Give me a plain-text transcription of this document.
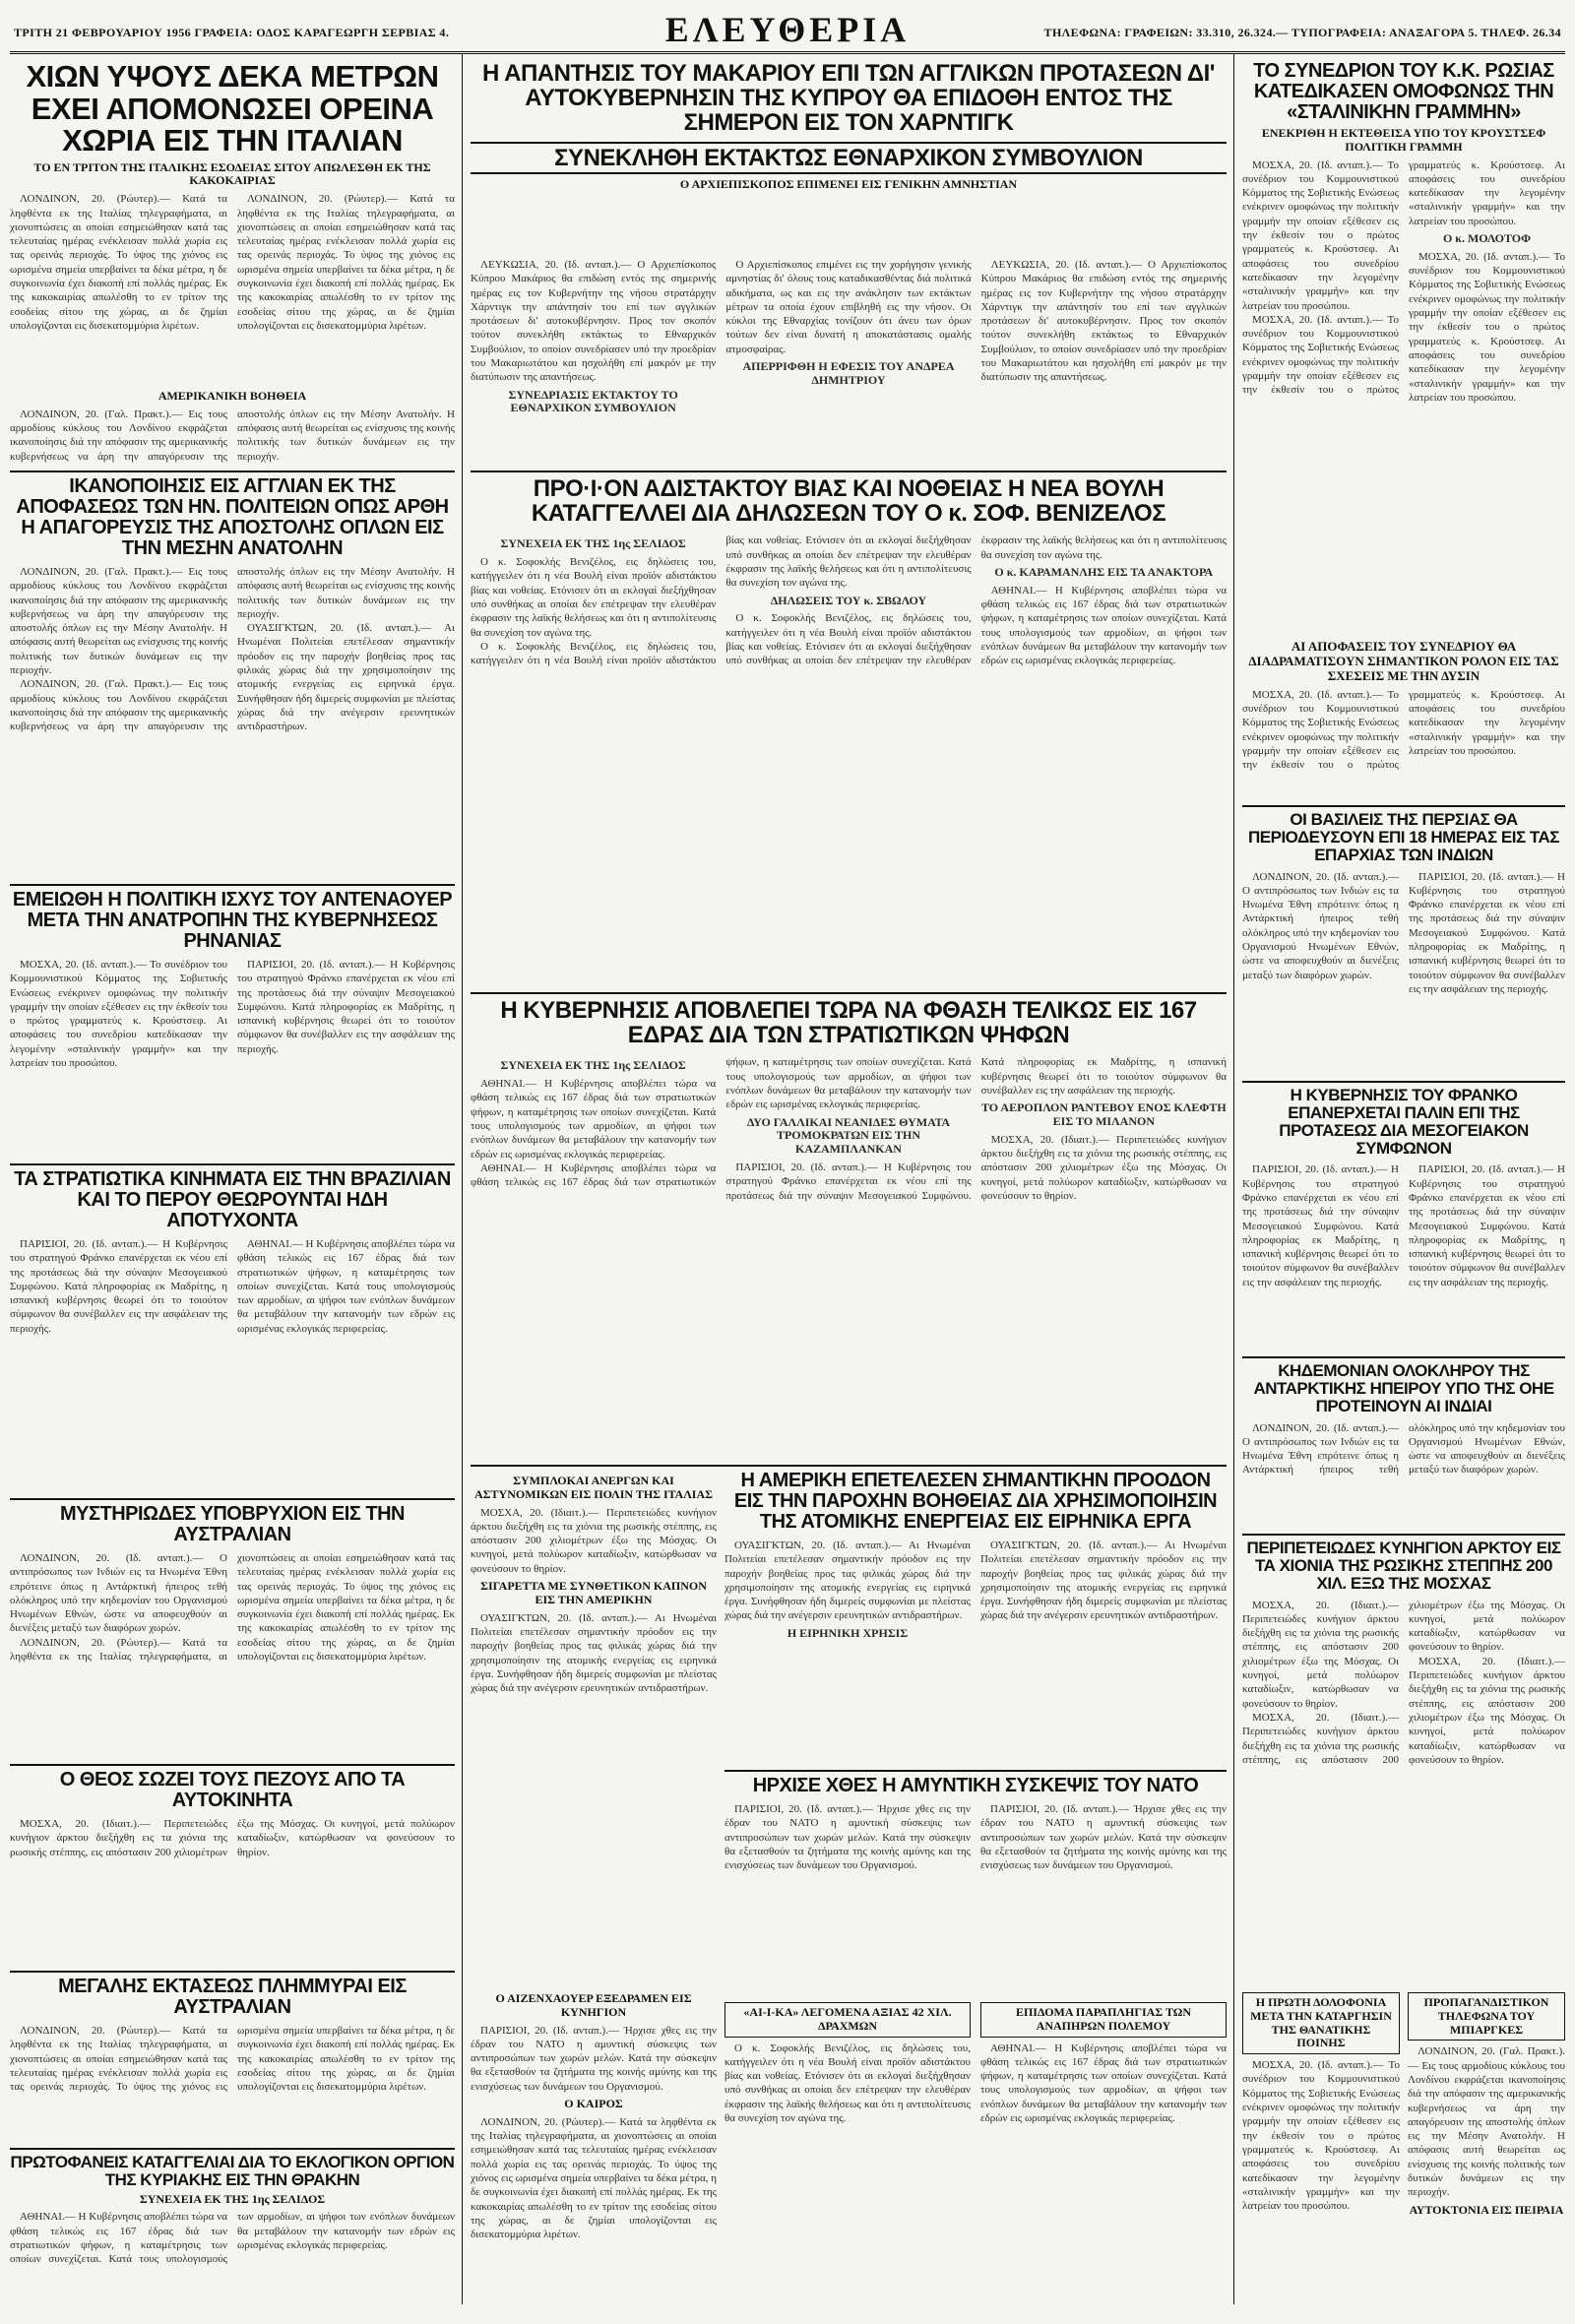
ΤΡΙΤΗ 21 ΦΕΒΡΟΥΑΡΙΟΥ 1956 ΓΡΑΦΕΙΑ: ΟΔΟΣ ΚΑΡΑΓΕΩΡΓΗ ΣΕΡΒΙΑΣ 4.	ΕΛΕΥΘΕΡΙΑ	ΤΗΛΕΦΩΝΑ: ΓΡΑΦΕΙΩΝ: 33.310, 26.324.— ΤΥΠΟΓΡΑΦΕΙΑ: ΑΝΑΞΑΓΟΡΑ 5. ΤΗΛΕΦ. 26.34
ΧΙΩΝ ΥΨΟΥΣ ΔΕΚΑ ΜΕΤΡΩΝ ΕΧΕΙ ΑΠΟΜΟΝΩΣΕΙ ΟΡΕΙΝΑ ΧΩΡΙΑ ΕΙΣ ΤΗΝ ΙΤΑΛΙΑΝ
ΤΟ ΕΝ ΤΡΙΤΟΝ ΤΗΣ ΙΤΑΛΙΚΗΣ ΕΣΟΔΕΙΑΣ ΣΙΤΟΥ ΑΠΩΛΕΣΘΗ ΕΚ ΤΗΣ ΚΑΚΟΚΑΙΡΙΑΣ

ΛΟΝΔΙΝΟΝ, 20. (Ρώυτερ).— Κατά τα ληφθέντα εκ της Ιταλίας τηλεγραφήματα, αι χιονοπτώσεις αι οποίαι εσημειώθησαν κατά τας τελευταίας ημέρας ενέκλεισαν πολλά χωρία εις τας ορεινάς περιοχάς. Το ύψος της χιόνος εις ωρισμένα σημεία υπερβαίνει τα δέκα μέτρα, η δε συγκοινωνία έχει διακοπή επί πολλάς ημέρας. Εκ της κακοκαιρίας απωλέσθη το εν τρίτον της εσοδείας σίτου της χώρας, αι δε ζημίαι υπολογίζονται εις δισεκατομμύρια λιρέτων.

ΛΟΝΔΙΝΟΝ, 20. (Ρώυτερ).— Κατά τα ληφθέντα εκ της Ιταλίας τηλεγραφήματα, αι χιονοπτώσεις αι οποίαι εσημειώθησαν κατά τας τελευταίας ημέρας ενέκλεισαν πολλά χωρία εις τας ορεινάς περιοχάς. Το ύψος της χιόνος εις ωρισμένα σημεία υπερβαίνει τα δέκα μέτρα, η δε συγκοινωνία έχει διακοπή επί πολλάς ημέρας. Εκ της κακοκαιρίας απωλέσθη το εν τρίτον της εσοδείας σίτου της χώρας, αι δε ζημίαι υπολογίζονται εις δισεκατομμύρια λιρέτων.

ΑΜΕΡΙΚΑΝΙΚΗ ΒΟΗΘΕΙΑ

ΛΟΝΔΙΝΟΝ, 20. (Γαλ. Πρακτ.).— Εις τους αρμοδίους κύκλους του Λονδίνου εκφράζεται ικανοποίησις διά την απόφασιν της αμερικανικής κυβερνήσεως να άρη την απαγόρευσιν της αποστολής όπλων εις την Μέσην Ανατολήν. Η απόφασις αυτή θεωρείται ως ενίσχυσις της κοινής πολιτικής των δυτικών δυνάμεων εις την περιοχήν.

ΙΚΑΝΟΠΟΙΗΣΙΣ ΕΙΣ ΑΓΓΛΙΑΝ ΕΚ ΤΗΣ ΑΠΟΦΑΣΕΩΣ ΤΩΝ ΗΝ. ΠΟΛΙΤΕΙΩΝ ΟΠΩΣ ΑΡΘΗ Η ΑΠΑΓΟΡΕΥΣΙΣ ΤΗΣ ΑΠΟΣΤΟΛΗΣ ΟΠΛΩΝ ΕΙΣ ΤΗΝ ΜΕΣΗΝ ΑΝΑΤΟΛΗΝ

ΛΟΝΔΙΝΟΝ, 20. (Γαλ. Πρακτ.).— Εις τους αρμοδίους κύκλους του Λονδίνου εκφράζεται ικανοποίησις διά την απόφασιν της αμερικανικής κυβερνήσεως να άρη την απαγόρευσιν της αποστολής όπλων εις την Μέσην Ανατολήν. Η απόφασις αυτή θεωρείται ως ενίσχυσις της κοινής πολιτικής των δυτικών δυνάμεων εις την περιοχήν.

ΛΟΝΔΙΝΟΝ, 20. (Γαλ. Πρακτ.).— Εις τους αρμοδίους κύκλους του Λονδίνου εκφράζεται ικανοποίησις διά την απόφασιν της αμερικανικής κυβερνήσεως να άρη την απαγόρευσιν της αποστολής όπλων εις την Μέσην Ανατολήν. Η απόφασις αυτή θεωρείται ως ενίσχυσις της κοινής πολιτικής των δυτικών δυνάμεων εις την περιοχήν.

ΟΥΑΣΙΓΚΤΩΝ, 20. (Ιδ. ανταπ.).— Αι Ηνωμέναι Πολιτείαι επετέλεσαν σημαντικήν πρόοδον εις την παροχήν βοηθείας προς τας φιλικάς χώρας διά την χρησιμοποίησιν της ατομικής ενεργείας εις ειρηνικά έργα. Συνήφθησαν ήδη διμερείς συμφωνίαι με πλείστας χώρας διά την ανέγερσιν ερευνητικών αντιδραστήρων.

ΕΜΕΙΩΘΗ Η ΠΟΛΙΤΙΚΗ ΙΣΧΥΣ ΤΟΥ ΑΝΤΕΝΑΟΥΕΡ ΜΕΤΑ ΤΗΝ ΑΝΑΤΡΟΠΗΝ ΤΗΣ ΚΥΒΕΡΝΗΣΕΩΣ ΡΗΝΑΝΙΑΣ

ΜΟΣΧΑ, 20. (Ιδ. ανταπ.).— Το συνέδριον του Κομμουνιστικού Κόμματος της Σοβιετικής Ενώσεως ενέκρινεν ομοφώνως την πολιτικήν γραμμήν την οποίαν εξέθεσεν εις την έκθεσίν του ο πρώτος γραμματεύς κ. Κρούστσεφ. Αι αποφάσεις του συνεδρίου κατεδίκασαν την λεγομένην «σταλινικήν γραμμήν» και την λατρείαν του προσώπου.

ΠΑΡΙΣΙΟΙ, 20. (Ιδ. ανταπ.).— Η Κυβέρνησις του στρατηγού Φράνκο επανέρχεται εκ νέου επί της προτάσεως διά την σύναψιν Μεσογειακού Συμφώνου. Κατά πληροφορίας εκ Μαδρίτης, η ισπανική κυβέρνησις θεωρεί ότι το τοιούτον σύμφωνον θα συνέβαλλεν εις την ασφάλειαν της περιοχής.

ΤΑ ΣΤΡΑΤΙΩΤΙΚΑ ΚΙΝΗΜΑΤΑ ΕΙΣ ΤΗΝ ΒΡΑΖΙΛΙΑΝ ΚΑΙ ΤΟ ΠΕΡΟΥ ΘΕΩΡΟΥΝΤΑΙ ΗΔΗ ΑΠΟΤΥΧΟΝΤΑ

ΠΑΡΙΣΙΟΙ, 20. (Ιδ. ανταπ.).— Η Κυβέρνησις του στρατηγού Φράνκο επανέρχεται εκ νέου επί της προτάσεως διά την σύναψιν Μεσογειακού Συμφώνου. Κατά πληροφορίας εκ Μαδρίτης, η ισπανική κυβέρνησις θεωρεί ότι το τοιούτον σύμφωνον θα συνέβαλλεν εις την ασφάλειαν της περιοχής.

ΑΘΗΝΑΙ.— Η Κυβέρνησις αποβλέπει τώρα να φθάση τελικώς εις 167 έδρας διά των στρατιωτικών ψήφων, η καταμέτρησις των οποίων συνεχίζεται. Κατά τους υπολογισμούς των αρμοδίων, αι ψήφοι των ενόπλων δυνάμεων θα μεταβάλουν την κατανομήν των εδρών εις ωρισμένας εκλογικάς περιφερείας.

ΜΥΣΤΗΡΙΩΔΕΣ ΥΠΟΒΡΥΧΙΟΝ ΕΙΣ ΤΗΝ ΑΥΣΤΡΑΛΙΑΝ

ΛΟΝΔΙΝΟΝ, 20. (Ιδ. ανταπ.).— Ο αντιπρόσωπος των Ινδιών εις τα Ηνωμένα Έθνη επρότεινε όπως η Αντάρκτική ήπειρος τεθή ολόκληρος υπό την κηδεμονίαν του Οργανισμού Ηνωμένων Εθνών, ώστε να αποφευχθούν αι διενέξεις μεταξύ των διαφόρων χωρών.

ΛΟΝΔΙΝΟΝ, 20. (Ρώυτερ).— Κατά τα ληφθέντα εκ της Ιταλίας τηλεγραφήματα, αι χιονοπτώσεις αι οποίαι εσημειώθησαν κατά τας τελευταίας ημέρας ενέκλεισαν πολλά χωρία εις τας ορεινάς περιοχάς. Το ύψος της χιόνος εις ωρισμένα σημεία υπερβαίνει τα δέκα μέτρα, η δε συγκοινωνία έχει διακοπή επί πολλάς ημέρας. Εκ της κακοκαιρίας απωλέσθη το εν τρίτον της εσοδείας σίτου της χώρας, αι δε ζημίαι υπολογίζονται εις δισεκατομμύρια λιρέτων.

Ο ΘΕΟΣ ΣΩΖΕΙ ΤΟΥΣ ΠΕΖΟΥΣ ΑΠΟ ΤΑ ΑΥΤΟΚΙΝΗΤΑ

ΜΟΣΧΑ, 20. (Ιδιαιτ.).— Περιπετειώδες κυνήγιον άρκτου διεξήχθη εις τα χιόνια της ρωσικής στέππης, εις απόστασιν 200 χιλιομέτρων έξω της Μόσχας. Οι κυνηγοί, μετά πολύωρον καταδίωξιν, κατώρθωσαν να φονεύσουν το θηρίον.

ΜΕΓΑΛΗΣ ΕΚΤΑΣΕΩΣ ΠΛΗΜΜΥΡΑΙ ΕΙΣ ΑΥΣΤΡΑΛΙΑΝ

ΛΟΝΔΙΝΟΝ, 20. (Ρώυτερ).— Κατά τα ληφθέντα εκ της Ιταλίας τηλεγραφήματα, αι χιονοπτώσεις αι οποίαι εσημειώθησαν κατά τας τελευταίας ημέρας ενέκλεισαν πολλά χωρία εις τας ορεινάς περιοχάς. Το ύψος της χιόνος εις ωρισμένα σημεία υπερβαίνει τα δέκα μέτρα, η δε συγκοινωνία έχει διακοπή επί πολλάς ημέρας. Εκ της κακοκαιρίας απωλέσθη το εν τρίτον της εσοδείας σίτου της χώρας, αι δε ζημίαι υπολογίζονται εις δισεκατομμύρια λιρέτων.

ΠΡΩΤΟΦΑΝΕΙΣ ΚΑΤΑΓΓΕΛΙΑΙ ΔΙΑ ΤΟ ΕΚΛΟΓΙΚΟΝ ΟΡΓΙΟΝ ΤΗΣ ΚΥΡΙΑΚΗΣ ΕΙΣ ΤΗΝ ΘΡΑΚΗΝ
ΣΥΝΕΧΕΙΑ ΕΚ ΤΗΣ 1ης ΣΕΛΙΔΟΣ

ΑΘΗΝΑΙ.— Η Κυβέρνησις αποβλέπει τώρα να φθάση τελικώς εις 167 έδρας διά των στρατιωτικών ψήφων, η καταμέτρησις των οποίων συνεχίζεται. Κατά τους υπολογισμούς των αρμοδίων, αι ψήφοι των ενόπλων δυνάμεων θα μεταβάλουν την κατανομήν των εδρών εις ωρισμένας εκλογικάς περιφερείας.

Η ΑΠΑΝΤΗΣΙΣ ΤΟΥ ΜΑΚΑΡΙΟΥ ΕΠΙ ΤΩΝ ΑΓΓΛΙΚΩΝ ΠΡΟΤΑΣΕΩΝ ΔΙ' ΑΥΤΟΚΥΒΕΡΝΗΣΙΝ ΤΗΣ ΚΥΠΡΟΥ ΘΑ ΕΠΙΔΟΘΗ ΕΝΤΟΣ ΤΗΣ ΣΗΜΕΡΟΝ ΕΙΣ ΤΟΝ ΧΑΡΝΤΙΓΚ
ΣΥΝΕΚΛΗΘΗ ΕΚΤΑΚΤΩΣ ΕΘΝΑΡΧΙΚΟΝ ΣΥΜΒΟΥΛΙΟΝ
Ο ΑΡΧΙΕΠΙΣΚΟΠΟΣ ΕΠΙΜΕΝΕΙ ΕΙΣ ΓΕΝΙΚΗΝ ΑΜΝΗΣΤΙΑΝ

ΛΕΥΚΩΣΙΑ, 20. (Ιδ. ανταπ.).— Ο Αρχιεπίσκοπος Κύπρου Μακάριος θα επιδώση εντός της σημερινής ημέρας εις τον Κυβερνήτην της νήσου στρατάρχην Χάρντιγκ την απάντησίν του επί των αγγλικών προτάσεων δι' αυτοκυβέρνησιν. Προς τον σκοπόν τούτον συνεκλήθη εκτάκτως το Εθναρχικόν Συμβούλιον, το οποίον συνεδρίασεν υπό την προεδρίαν του Μακαριωτάτου και ησχολήθη επί μακρόν με την διατύπωσιν της απαντήσεως.

ΣΥΝΕΔΡΙΑΣΙΣ ΕΚΤΑΚΤΟΥ ΤΟ ΕΘΝΑΡΧΙΚΟΝ ΣΥΜΒΟΥΛΙΟΝ

Ο Αρχιεπίσκοπος επιμένει εις την χορήγησιν γενικής αμνηστίας δι' όλους τους καταδικασθέντας διά πολιτικά αδικήματα, ως και εις την ανάκλησιν των εκτάκτων μέτρων τα οποία έχουν επιβληθή εις την νήσον. Οι κύκλοι της Εθναρχίας τονίζουν ότι άνευ των όρων τούτων δεν είναι δυνατή η αποκατάστασις ομαλής ατμοσφαίρας.

ΑΠΕΡΡΙΦΘΗ Η ΕΦΕΣΙΣ ΤΟΥ ΑΝΔΡΕΑ ΔΗΜΗΤΡΙΟΥ

ΛΕΥΚΩΣΙΑ, 20. (Ιδ. ανταπ.).— Ο Αρχιεπίσκοπος Κύπρου Μακάριος θα επιδώση εντός της σημερινής ημέρας εις τον Κυβερνήτην της νήσου στρατάρχην Χάρντιγκ την απάντησίν του επί των αγγλικών προτάσεων δι' αυτοκυβέρνησιν. Προς τον σκοπόν τούτον συνεκλήθη εκτάκτως το Εθναρχικόν Συμβούλιον, το οποίον συνεδρίασεν υπό την προεδρίαν του Μακαριωτάτου και ησχολήθη επί μακρόν με την διατύπωσιν της απαντήσεως.

ΠΡΟ·Ι·ΟΝ ΑΔΙΣΤΑΚΤΟΥ ΒΙΑΣ ΚΑΙ ΝΟΘΕΙΑΣ Η ΝΕΑ ΒΟΥΛΗ ΚΑΤΑΓΓΕΛΛΕΙ ΔΙΑ ΔΗΛΩΣΕΩΝ ΤΟΥ Ο κ. ΣΟΦ. ΒΕΝΙΖΕΛΟΣ
ΣΥΝΕΧΕΙΑ ΕΚ ΤΗΣ 1ης ΣΕΛΙΔΟΣ

Ο κ. Σοφοκλής Βενιζέλος, εις δηλώσεις του, κατήγγειλεν ότι η νέα Βουλή είναι προϊόν αδιστάκτου βίας και νοθείας. Ετόνισεν ότι αι εκλογαί διεξήχθησαν υπό συνθήκας αι οποίαι δεν επέτρεψαν την ελευθέραν έκφρασιν της λαϊκής θελήσεως και ότι η αντιπολίτευσις θα συνεχίση τον αγώνα της.

Ο κ. Σοφοκλής Βενιζέλος, εις δηλώσεις του, κατήγγειλεν ότι η νέα Βουλή είναι προϊόν αδιστάκτου βίας και νοθείας. Ετόνισεν ότι αι εκλογαί διεξήχθησαν υπό συνθήκας αι οποίαι δεν επέτρεψαν την ελευθέραν έκφρασιν της λαϊκής θελήσεως και ότι η αντιπολίτευσις θα συνεχίση τον αγώνα της.

ΔΗΛΩΣΕΙΣ ΤΟΥ κ. ΣΒΩΛΟΥ

Ο κ. Σοφοκλής Βενιζέλος, εις δηλώσεις του, κατήγγειλεν ότι η νέα Βουλή είναι προϊόν αδιστάκτου βίας και νοθείας. Ετόνισεν ότι αι εκλογαί διεξήχθησαν υπό συνθήκας αι οποίαι δεν επέτρεψαν την ελευθέραν έκφρασιν της λαϊκής θελήσεως και ότι η αντιπολίτευσις θα συνεχίση τον αγώνα της.

Ο κ. ΚΑΡΑΜΑΝΛΗΣ ΕΙΣ ΤΑ ΑΝΑΚΤΟΡΑ

ΑΘΗΝΑΙ.— Η Κυβέρνησις αποβλέπει τώρα να φθάση τελικώς εις 167 έδρας διά των στρατιωτικών ψήφων, η καταμέτρησις των οποίων συνεχίζεται. Κατά τους υπολογισμούς των αρμοδίων, αι ψήφοι των ενόπλων δυνάμεων θα μεταβάλουν την κατανομήν των εδρών εις ωρισμένας εκλογικάς περιφερείας.

Η ΚΥΒΕΡΝΗΣΙΣ ΑΠΟΒΛΕΠΕΙ ΤΩΡΑ ΝΑ ΦΘΑΣΗ ΤΕΛΙΚΩΣ ΕΙΣ 167 ΕΔΡΑΣ ΔΙΑ ΤΩΝ ΣΤΡΑΤΙΩΤΙΚΩΝ ΨΗΦΩΝ
ΣΥΝΕΧΕΙΑ ΕΚ ΤΗΣ 1ης ΣΕΛΙΔΟΣ

ΑΘΗΝΑΙ.— Η Κυβέρνησις αποβλέπει τώρα να φθάση τελικώς εις 167 έδρας διά των στρατιωτικών ψήφων, η καταμέτρησις των οποίων συνεχίζεται. Κατά τους υπολογισμούς των αρμοδίων, αι ψήφοι των ενόπλων δυνάμεων θα μεταβάλουν την κατανομήν των εδρών εις ωρισμένας εκλογικάς περιφερείας.

ΑΘΗΝΑΙ.— Η Κυβέρνησις αποβλέπει τώρα να φθάση τελικώς εις 167 έδρας διά των στρατιωτικών ψήφων, η καταμέτρησις των οποίων συνεχίζεται. Κατά τους υπολογισμούς των αρμοδίων, αι ψήφοι των ενόπλων δυνάμεων θα μεταβάλουν την κατανομήν των εδρών εις ωρισμένας εκλογικάς περιφερείας.

ΔΥΟ ΓΑΛΛΙΚΑΙ ΝΕΑΝΙΔΕΣ ΘΥΜΑΤΑ ΤΡΟΜΟΚΡΑΤΩΝ ΕΙΣ ΤΗΝ ΚΑΖΑΜΠΛΑΝΚΑΝ

ΠΑΡΙΣΙΟΙ, 20. (Ιδ. ανταπ.).— Η Κυβέρνησις του στρατηγού Φράνκο επανέρχεται εκ νέου επί της προτάσεως διά την σύναψιν Μεσογειακού Συμφώνου. Κατά πληροφορίας εκ Μαδρίτης, η ισπανική κυβέρνησις θεωρεί ότι το τοιούτον σύμφωνον θα συνέβαλλεν εις την ασφάλειαν της περιοχής.

ΤΟ ΑΕΡΟΠΛΟΝ ΡΑΝΤΕΒΟΥ ΕΝΟΣ ΚΛΕΦΤΗ ΕΙΣ ΤΟ ΜΙΛΑΝΟΝ

ΜΟΣΧΑ, 20. (Ιδιαιτ.).— Περιπετειώδες κυνήγιον άρκτου διεξήχθη εις τα χιόνια της ρωσικής στέππης, εις απόστασιν 200 χιλιομέτρων έξω της Μόσχας. Οι κυνηγοί, μετά πολύωρον καταδίωξιν, κατώρθωσαν να φονεύσουν το θηρίον.

ΣΥΜΠΛΟΚΑΙ ΑΝΕΡΓΩΝ ΚΑΙ ΑΣΤΥΝΟΜΙΚΩΝ ΕΙΣ ΠΟΛΙΝ ΤΗΣ ΙΤΑΛΙΑΣ

ΜΟΣΧΑ, 20. (Ιδιαιτ.).— Περιπετειώδες κυνήγιον άρκτου διεξήχθη εις τα χιόνια της ρωσικής στέππης, εις απόστασιν 200 χιλιομέτρων έξω της Μόσχας. Οι κυνηγοί, μετά πολύωρον καταδίωξιν, κατώρθωσαν να φονεύσουν το θηρίον.

ΣΙΓΑΡΕΤΤΑ ΜΕ ΣΥΝΘΕΤΙΚΟΝ ΚΑΠΝΟΝ ΕΙΣ ΤΗΝ ΑΜΕΡΙΚΗΝ

ΟΥΑΣΙΓΚΤΩΝ, 20. (Ιδ. ανταπ.).— Αι Ηνωμέναι Πολιτείαι επετέλεσαν σημαντικήν πρόοδον εις την παροχήν βοηθείας προς τας φιλικάς χώρας διά την χρησιμοποίησιν της ατομικής ενεργείας εις ειρηνικά έργα. Συνήφθησαν ήδη διμερείς συμφωνίαι με πλείστας χώρας διά την ανέγερσιν ερευνητικών αντιδραστήρων.

Η ΑΜΕΡΙΚΗ ΕΠΕΤΕΛΕΣΕΝ ΣΗΜΑΝΤΙΚΗΝ ΠΡΟΟΔΟΝ ΕΙΣ ΤΗΝ ΠΑΡΟΧΗΝ ΒΟΗΘΕΙΑΣ ΔΙΑ ΧΡΗΣΙΜΟΠΟΙΗΣΙΝ ΤΗΣ ΑΤΟΜΙΚΗΣ ΕΝΕΡΓΕΙΑΣ ΕΙΣ ΕΙΡΗΝΙΚΑ ΕΡΓΑ

ΟΥΑΣΙΓΚΤΩΝ, 20. (Ιδ. ανταπ.).— Αι Ηνωμέναι Πολιτείαι επετέλεσαν σημαντικήν πρόοδον εις την παροχήν βοηθείας προς τας φιλικάς χώρας διά την χρησιμοποίησιν της ατομικής ενεργείας εις ειρηνικά έργα. Συνήφθησαν ήδη διμερείς συμφωνίαι με πλείστας χώρας διά την ανέγερσιν ερευνητικών αντιδραστήρων.

Η ΕΙΡΗΝΙΚΗ ΧΡΗΣΙΣ

ΟΥΑΣΙΓΚΤΩΝ, 20. (Ιδ. ανταπ.).— Αι Ηνωμέναι Πολιτείαι επετέλεσαν σημαντικήν πρόοδον εις την παροχήν βοηθείας προς τας φιλικάς χώρας διά την χρησιμοποίησιν της ατομικής ενεργείας εις ειρηνικά έργα. Συνήφθησαν ήδη διμερείς συμφωνίαι με πλείστας χώρας διά την ανέγερσιν ερευνητικών αντιδραστήρων.

ΗΡΧΙΣΕ ΧΘΕΣ Η ΑΜΥΝΤΙΚΗ ΣΥΣΚΕΨΙΣ ΤΟΥ ΝΑΤΟ

ΠΑΡΙΣΙΟΙ, 20. (Ιδ. ανταπ.).— Ήρχισε χθες εις την έδραν του ΝΑΤΟ η αμυντική σύσκεψις των αντιπροσώπων των χωρών μελών. Κατά την σύσκεψιν θα εξετασθούν τα ζητήματα της κοινής αμύνης και της ενισχύσεως των δυνάμεων του Οργανισμού.

ΠΑΡΙΣΙΟΙ, 20. (Ιδ. ανταπ.).— Ήρχισε χθες εις την έδραν του ΝΑΤΟ η αμυντική σύσκεψις των αντιπροσώπων των χωρών μελών. Κατά την σύσκεψιν θα εξετασθούν τα ζητήματα της κοινής αμύνης και της ενισχύσεως των δυνάμεων του Οργανισμού.

Ο ΑΙΖΕΝΧΑΟΥΕΡ ΕΞΕΔΡΑΜΕΝ ΕΙΣ ΚΥΝΗΓΙΟΝ

ΠΑΡΙΣΙΟΙ, 20. (Ιδ. ανταπ.).— Ήρχισε χθες εις την έδραν του ΝΑΤΟ η αμυντική σύσκεψις των αντιπροσώπων των χωρών μελών. Κατά την σύσκεψιν θα εξετασθούν τα ζητήματα της κοινής αμύνης και της ενισχύσεως των δυνάμεων του Οργανισμού.

Ο ΚΑΙΡΟΣ

ΛΟΝΔΙΝΟΝ, 20. (Ρώυτερ).— Κατά τα ληφθέντα εκ της Ιταλίας τηλεγραφήματα, αι χιονοπτώσεις αι οποίαι εσημειώθησαν κατά τας τελευταίας ημέρας ενέκλεισαν πολλά χωρία εις τας ορεινάς περιοχάς. Το ύψος της χιόνος εις ωρισμένα σημεία υπερβαίνει τα δέκα μέτρα, η δε συγκοινωνία έχει διακοπή επί πολλάς ημέρας. Εκ της κακοκαιρίας απωλέσθη το εν τρίτον της εσοδείας σίτου της χώρας, αι δε ζημίαι υπολογίζονται εις δισεκατομμύρια λιρέτων.

«ΑΙ-Ι-ΚΑ» ΛΕΓΟΜΕΝΑ ΑΞΙΑΣ 42 ΧΙΛ. ΔΡΑΧΜΩΝ

Ο κ. Σοφοκλής Βενιζέλος, εις δηλώσεις του, κατήγγειλεν ότι η νέα Βουλή είναι προϊόν αδιστάκτου βίας και νοθείας. Ετόνισεν ότι αι εκλογαί διεξήχθησαν υπό συνθήκας αι οποίαι δεν επέτρεψαν την ελευθέραν έκφρασιν της λαϊκής θελήσεως και ότι η αντιπολίτευσις θα συνεχίση τον αγώνα της.

ΕΠΙΔΟΜΑ ΠΑΡΑΠΛΗΓΙΑΣ ΤΩΝ ΑΝΑΠΗΡΩΝ ΠΟΛΕΜΟΥ

ΑΘΗΝΑΙ.— Η Κυβέρνησις αποβλέπει τώρα να φθάση τελικώς εις 167 έδρας διά των στρατιωτικών ψήφων, η καταμέτρησις των οποίων συνεχίζεται. Κατά τους υπολογισμούς των αρμοδίων, αι ψήφοι των ενόπλων δυνάμεων θα μεταβάλουν την κατανομήν των εδρών εις ωρισμένας εκλογικάς περιφερείας.

ΤΟ ΣΥΝΕΔΡΙΟΝ ΤΟΥ Κ.Κ. ΡΩΣΙΑΣ ΚΑΤΕΔΙΚΑΣΕΝ ΟΜΟΦΩΝΩΣ ΤΗΝ «ΣΤΑΛΙΝΙΚΗΝ ΓΡΑΜΜΗΝ»
ΕΝΕΚΡΙΘΗ Η ΕΚΤΕΘΕΙΣΑ ΥΠΟ ΤΟΥ ΚΡΟΥΣΤΣΕΦ ΠΟΛΙΤΙΚΗ ΓΡΑΜΜΗ

ΜΟΣΧΑ, 20. (Ιδ. ανταπ.).— Το συνέδριον του Κομμουνιστικού Κόμματος της Σοβιετικής Ενώσεως ενέκρινεν ομοφώνως την πολιτικήν γραμμήν την οποίαν εξέθεσεν εις την έκθεσίν του ο πρώτος γραμματεύς κ. Κρούστσεφ. Αι αποφάσεις του συνεδρίου κατεδίκασαν την λεγομένην «σταλινικήν γραμμήν» και την λατρείαν του προσώπου.

ΜΟΣΧΑ, 20. (Ιδ. ανταπ.).— Το συνέδριον του Κομμουνιστικού Κόμματος της Σοβιετικής Ενώσεως ενέκρινεν ομοφώνως την πολιτικήν γραμμήν την οποίαν εξέθεσεν εις την έκθεσίν του ο πρώτος γραμματεύς κ. Κρούστσεφ. Αι αποφάσεις του συνεδρίου κατεδίκασαν την λεγομένην «σταλινικήν γραμμήν» και την λατρείαν του προσώπου.

Ο κ. ΜΟΛΟΤΟΦ

ΜΟΣΧΑ, 20. (Ιδ. ανταπ.).— Το συνέδριον του Κομμουνιστικού Κόμματος της Σοβιετικής Ενώσεως ενέκρινεν ομοφώνως την πολιτικήν γραμμήν την οποίαν εξέθεσεν εις την έκθεσίν του ο πρώτος γραμματεύς κ. Κρούστσεφ. Αι αποφάσεις του συνεδρίου κατεδίκασαν την λεγομένην «σταλινικήν γραμμήν» και την λατρείαν του προσώπου.

ΑΙ ΑΠΟΦΑΣΕΙΣ ΤΟΥ ΣΥΝΕΔΡΙΟΥ ΘΑ ΔΙΑΔΡΑΜΑΤΙΣΟΥΝ ΣΗΜΑΝΤΙΚΟΝ ΡΟΛΟΝ ΕΙΣ ΤΑΣ ΣΧΕΣΕΙΣ ΜΕ ΤΗΝ ΔΥΣΙΝ

ΜΟΣΧΑ, 20. (Ιδ. ανταπ.).— Το συνέδριον του Κομμουνιστικού Κόμματος της Σοβιετικής Ενώσεως ενέκρινεν ομοφώνως την πολιτικήν γραμμήν την οποίαν εξέθεσεν εις την έκθεσίν του ο πρώτος γραμματεύς κ. Κρούστσεφ. Αι αποφάσεις του συνεδρίου κατεδίκασαν την λεγομένην «σταλινικήν γραμμήν» και την λατρείαν του προσώπου.

ΟΙ ΒΑΣΙΛΕΙΣ ΤΗΣ ΠΕΡΣΙΑΣ ΘΑ ΠΕΡΙΟΔΕΥΣΟΥΝ ΕΠΙ 18 ΗΜΕΡΑΣ ΕΙΣ ΤΑΣ ΕΠΑΡΧΙΑΣ ΤΩΝ ΙΝΔΙΩΝ

ΛΟΝΔΙΝΟΝ, 20. (Ιδ. ανταπ.).— Ο αντιπρόσωπος των Ινδιών εις τα Ηνωμένα Έθνη επρότεινε όπως η Αντάρκτική ήπειρος τεθή ολόκληρος υπό την κηδεμονίαν του Οργανισμού Ηνωμένων Εθνών, ώστε να αποφευχθούν αι διενέξεις μεταξύ των διαφόρων χωρών.

ΠΑΡΙΣΙΟΙ, 20. (Ιδ. ανταπ.).— Η Κυβέρνησις του στρατηγού Φράνκο επανέρχεται εκ νέου επί της προτάσεως διά την σύναψιν Μεσογειακού Συμφώνου. Κατά πληροφορίας εκ Μαδρίτης, η ισπανική κυβέρνησις θεωρεί ότι το τοιούτον σύμφωνον θα συνέβαλλεν εις την ασφάλειαν της περιοχής.

Η ΚΥΒΕΡΝΗΣΙΣ ΤΟΥ ΦΡΑΝΚΟ ΕΠΑΝΕΡΧΕΤΑΙ ΠΑΛΙΝ ΕΠΙ ΤΗΣ ΠΡΟΤΑΣΕΩΣ ΔΙΑ ΜΕΣΟΓΕΙΑΚΟΝ ΣΥΜΦΩΝΟΝ

ΠΑΡΙΣΙΟΙ, 20. (Ιδ. ανταπ.).— Η Κυβέρνησις του στρατηγού Φράνκο επανέρχεται εκ νέου επί της προτάσεως διά την σύναψιν Μεσογειακού Συμφώνου. Κατά πληροφορίας εκ Μαδρίτης, η ισπανική κυβέρνησις θεωρεί ότι το τοιούτον σύμφωνον θα συνέβαλλεν εις την ασφάλειαν της περιοχής.

ΠΑΡΙΣΙΟΙ, 20. (Ιδ. ανταπ.).— Η Κυβέρνησις του στρατηγού Φράνκο επανέρχεται εκ νέου επί της προτάσεως διά την σύναψιν Μεσογειακού Συμφώνου. Κατά πληροφορίας εκ Μαδρίτης, η ισπανική κυβέρνησις θεωρεί ότι το τοιούτον σύμφωνον θα συνέβαλλεν εις την ασφάλειαν της περιοχής.

ΚΗΔΕΜΟΝΙΑΝ ΟΛΟΚΛΗΡΟΥ ΤΗΣ ΑΝΤΑΡΚΤΙΚΗΣ ΗΠΕΙΡΟΥ ΥΠΟ ΤΗΣ ΟΗΕ ΠΡΟΤΕΙΝΟΥΝ ΑΙ ΙΝΔΙΑΙ

ΛΟΝΔΙΝΟΝ, 20. (Ιδ. ανταπ.).— Ο αντιπρόσωπος των Ινδιών εις τα Ηνωμένα Έθνη επρότεινε όπως η Αντάρκτική ήπειρος τεθή ολόκληρος υπό την κηδεμονίαν του Οργανισμού Ηνωμένων Εθνών, ώστε να αποφευχθούν αι διενέξεις μεταξύ των διαφόρων χωρών.

ΠΕΡΙΠΕΤΕΙΩΔΕΣ ΚΥΝΗΓΙΟΝ ΑΡΚΤΟΥ ΕΙΣ ΤΑ ΧΙΟΝΙΑ ΤΗΣ ΡΩΣΙΚΗΣ ΣΤΕΠΠΗΣ 200 ΧΙΛ. ΕΞΩ ΤΗΣ ΜΟΣΧΑΣ

ΜΟΣΧΑ, 20. (Ιδιαιτ.).— Περιπετειώδες κυνήγιον άρκτου διεξήχθη εις τα χιόνια της ρωσικής στέππης, εις απόστασιν 200 χιλιομέτρων έξω της Μόσχας. Οι κυνηγοί, μετά πολύωρον καταδίωξιν, κατώρθωσαν να φονεύσουν το θηρίον.

ΜΟΣΧΑ, 20. (Ιδιαιτ.).— Περιπετειώδες κυνήγιον άρκτου διεξήχθη εις τα χιόνια της ρωσικής στέππης, εις απόστασιν 200 χιλιομέτρων έξω της Μόσχας. Οι κυνηγοί, μετά πολύωρον καταδίωξιν, κατώρθωσαν να φονεύσουν το θηρίον.

ΜΟΣΧΑ, 20. (Ιδιαιτ.).— Περιπετειώδες κυνήγιον άρκτου διεξήχθη εις τα χιόνια της ρωσικής στέππης, εις απόστασιν 200 χιλιομέτρων έξω της Μόσχας. Οι κυνηγοί, μετά πολύωρον καταδίωξιν, κατώρθωσαν να φονεύσουν το θηρίον.

Η ΠΡΩΤΗ ΔΟΛΟΦΟΝΙΑ ΜΕΤΑ ΤΗΝ ΚΑΤΑΡΓΗΣΙΝ ΤΗΣ ΘΑΝΑΤΙΚΗΣ ΠΟΙΝΗΣ

ΜΟΣΧΑ, 20. (Ιδ. ανταπ.).— Το συνέδριον του Κομμουνιστικού Κόμματος της Σοβιετικής Ενώσεως ενέκρινεν ομοφώνως την πολιτικήν γραμμήν την οποίαν εξέθεσεν εις την έκθεσίν του ο πρώτος γραμματεύς κ. Κρούστσεφ. Αι αποφάσεις του συνεδρίου κατεδίκασαν την λεγομένην «σταλινικήν γραμμήν» και την λατρείαν του προσώπου.

ΠΡΟΠΑΓΑΝΔΙΣΤΙΚΟΝ ΤΗΛΕΦΩΝΑ ΤΟΥ ΜΠΙΑΡΓΚΕΣ

ΛΟΝΔΙΝΟΝ, 20. (Γαλ. Πρακτ.).— Εις τους αρμοδίους κύκλους του Λονδίνου εκφράζεται ικανοποίησις διά την απόφασιν της αμερικανικής κυβερνήσεως να άρη την απαγόρευσιν της αποστολής όπλων εις την Μέσην Ανατολήν. Η απόφασις αυτή θεωρείται ως ενίσχυσις της κοινής πολιτικής των δυτικών δυνάμεων εις την περιοχήν.

ΑΥΤΟΚΤΟΝΙΑ ΕΙΣ ΠΕΙΡΑΙΑ
